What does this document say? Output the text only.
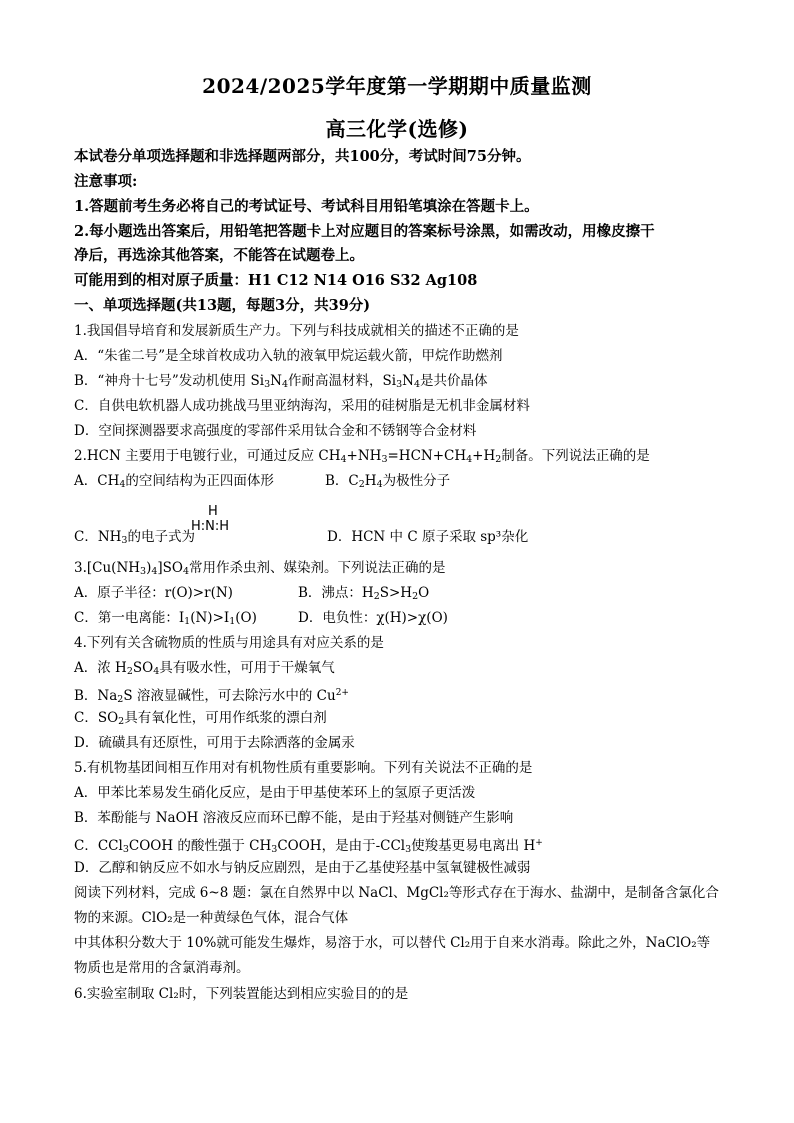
2024/2025学年度第一学期期中质量监测
高三化学(选修)
本试卷分单项选择题和非选择题两部分，共100分，考试时间75分钟。
注意事项:
1.答题前考生务必将自己的考试证号、考试科目用铅笔填涂在答题卡上。
2.每小题选出答案后，用铅笔把答题卡上对应题目的答案标号涂黑，如需改动，用橡皮擦干
净后，再选涂其他答案，不能答在试题卷上。
可能用到的相对原子质量：H1 C12 N14 O16 S32 Ag108
一、单项选择题(共13题，每题3分，共39分)
1.我国倡导培育和发展新质生产力。下列与科技成就相关的描述不正确的是
A．“朱雀二号”是全球首枚成功入轨的液氧甲烷运载火箭，甲烷作助燃剂
B．“神舟十七号”发动机使用 $Si_3N_4$作耐高温材料，$Si_3N_4$是共价晶体
C．自供电软机器人成功挑战马里亚纳海沟，采用的硅树脂是无机非金属材料
D．空间探测器要求高强度的零部件采用钛合金和不锈钢等合金材料
2.HCN 主要用于电镀行业，可通过反应 $CH_4+NH_3=HCN+CH_4+H_2$制备。下列说法正确的是
A．$CH_4$的空间结构为正四面体形	B．$C_2H_4$为极性分子
H
H:N:H
C．$NH_3$的电子式为	D．HCN 中 C 原子采取 sp³杂化
$3.[Cu(NH_3)_4]SO_4$常用作杀虫剂、媒染剂。下列说法正确的是
A．原子半径：r(O)>r(N)	B．沸点：$H_2S>H_2O$
C．第一电离能：$I_1(N)>I_1(O)$	D．电负性：χ(H)>χ(O)
4.下列有关含硫物质的性质与用途具有对应关系的是
A．浓 $H_2SO_4$具有吸水性，可用于干燥氧气
B．$Na_2S$ 溶液显碱性，可去除污水中的 $Cu^{2+}$
C．$SO_2$具有氧化性，可用作纸浆的漂白剂
D．硫磺具有还原性，可用于去除洒落的金属汞
5.有机物基团间相互作用对有机物性质有重要影响。下列有关说法不正确的是
A．甲苯比苯易发生硝化反应，是由于甲基使苯环上的氢原子更活泼
B．苯酚能与 NaOH 溶液反应而环已醇不能，是由于羟基对侧链产生影响
C．CCl$_3$COOH 的酸性强于 $CH_3COOH$，是由于-CCl$_3$使羧基更易电离出 H+
D．乙醇和钠反应不如水与钠反应剧烈，是由于乙基使羟基中氢氧键极性减弱
阅读下列材料，完成 6~8 题：氯在自然界中以 NaCl、MgCl₂等形式存在于海水、盐湖中，是制备含氯化合
物的来源。ClO₂是一种黄绿色气体，混合气体
中其体积分数大于 10%就可能发生爆炸，易溶于水，可以替代 Cl₂用于自来水消毒。除此之外，NaClO₂等
物质也是常用的含氯消毒剂。
6.实验室制取 Cl₂时，下列装置能达到相应实验目的的是
